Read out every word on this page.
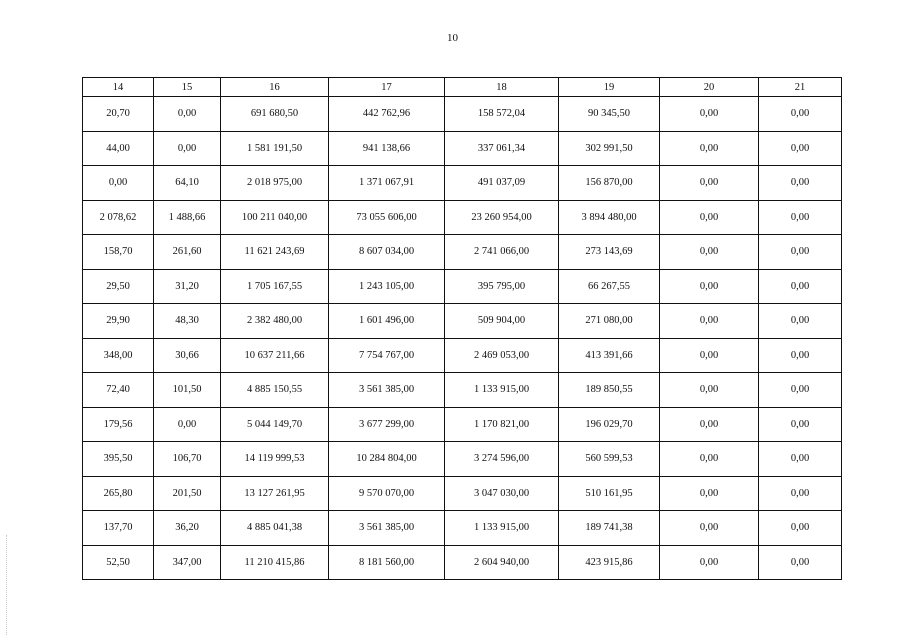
10
14	15	16	17	18	19	20	21
20,70	0,00	691 680,50	442 762,96	158 572,04	90 345,50	0,00	0,00
44,00	0,00	1 581 191,50	941 138,66	337 061,34	302 991,50	0,00	0,00
0,00	64,10	2 018 975,00	1 371 067,91	491 037,09	156 870,00	0,00	0,00
2 078,62	1 488,66	100 211 040,00	73 055 606,00	23 260 954,00	3 894 480,00	0,00	0,00
158,70	261,60	11 621 243,69	8 607 034,00	2 741 066,00	273 143,69	0,00	0,00
29,50	31,20	1 705 167,55	1 243 105,00	395 795,00	66 267,55	0,00	0,00
29,90	48,30	2 382 480,00	1 601 496,00	509 904,00	271 080,00	0,00	0,00
348,00	30,66	10 637 211,66	7 754 767,00	2 469 053,00	413 391,66	0,00	0,00
72,40	101,50	4 885 150,55	3 561 385,00	1 133 915,00	189 850,55	0,00	0,00
179,56	0,00	5 044 149,70	3 677 299,00	1 170 821,00	196 029,70	0,00	0,00
395,50	106,70	14 119 999,53	10 284 804,00	3 274 596,00	560 599,53	0,00	0,00
265,80	201,50	13 127 261,95	9 570 070,00	3 047 030,00	510 161,95	0,00	0,00
137,70	36,20	4 885 041,38	3 561 385,00	1 133 915,00	189 741,38	0,00	0,00
52,50	347,00	11 210 415,86	8 181 560,00	2 604 940,00	423 915,86	0,00	0,00
